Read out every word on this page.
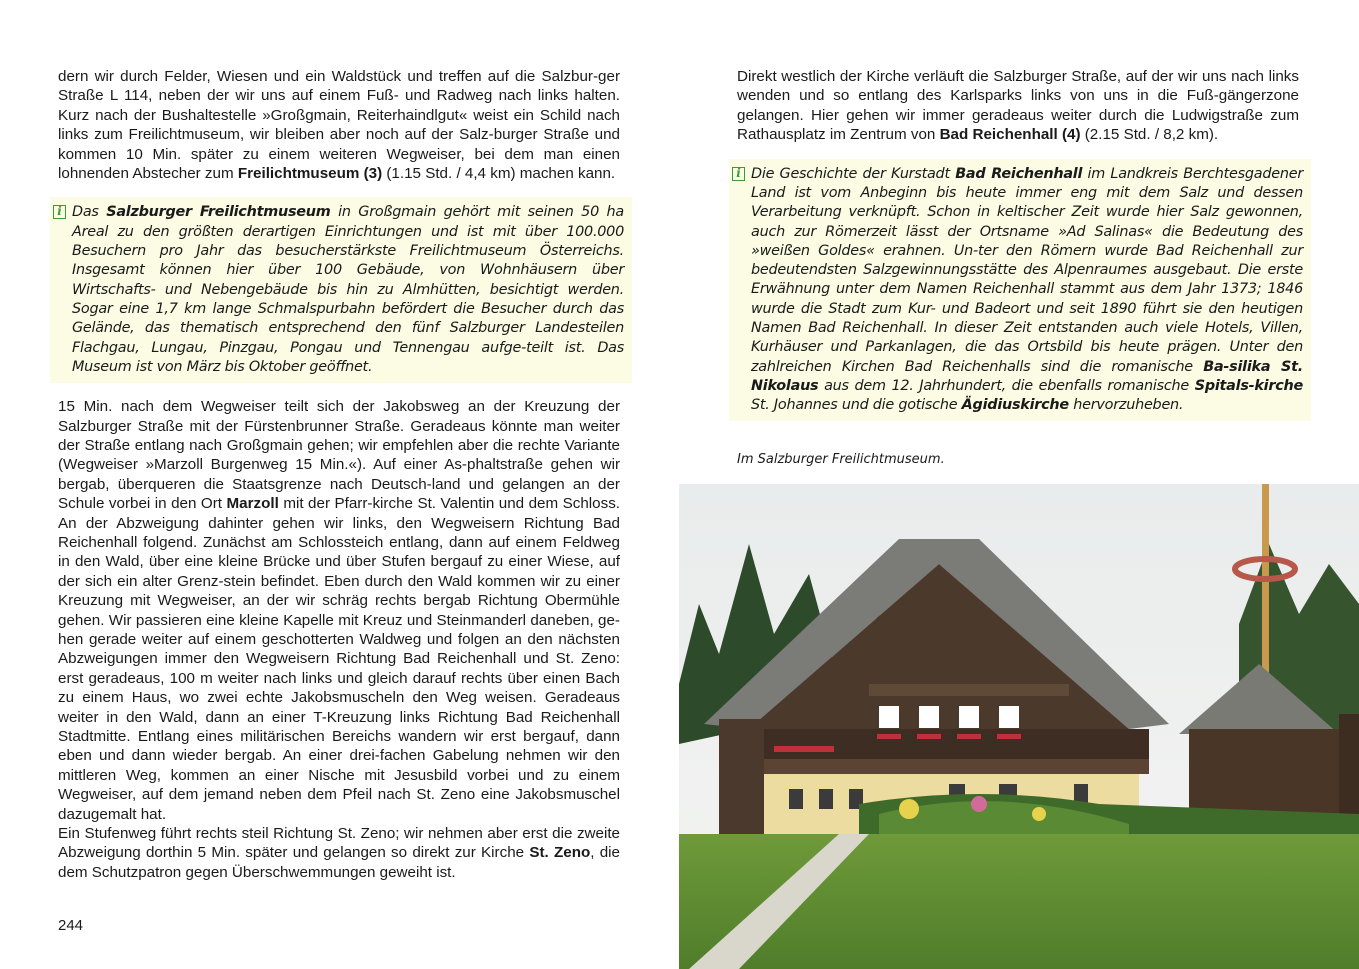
dern wir durch Felder, Wiesen und ein Waldstück und treffen auf die Salzbur-ger Straße L 114, neben der wir uns auf einem Fuß- und Radweg nach links halten. Kurz nach der Bushaltestelle »Großgmain, Reiterhaindlgut« weist ein Schild nach links zum Freilichtmuseum, wir bleiben aber noch auf der Salz-burger Straße und kommen 10 Min. später zu einem weiteren Wegweiser, bei dem man einen lohnenden Abstecher zum Freilichtmuseum (3) (1.15 Std. / 4,4 km) machen kann.

i Das Salzburger Freilichtmuseum in Großgmain gehört mit seinen 50 ha Areal zu den größten derartigen Einrichtungen und ist mit über 100.000 Besuchern pro Jahr das besucherstärkste Freilichtmuseum Österreichs. Insgesamt können hier über 100 Gebäude, von Wohnhäusern über Wirtschafts- und Nebengebäude bis hin zu Almhütten, besichtigt werden. Sogar eine 1,7 km lange Schmalspurbahn befördert die Besucher durch das Gelände, das thematisch entsprechend den fünf Salzburger Landesteilen Flachgau, Lungau, Pinzgau, Pongau und Tennengau aufge-teilt ist. Das Museum ist von März bis Oktober geöffnet.

15 Min. nach dem Wegweiser teilt sich der Jakobsweg an der Kreuzung der Salzburger Straße mit der Fürstenbrunner Straße. Geradeaus könnte man weiter der Straße entlang nach Großgmain gehen; wir empfehlen aber die rechte Variante (Wegweiser »Marzoll Burgenweg 15 Min.«). Auf einer As-phaltstraße gehen wir bergab, überqueren die Staatsgrenze nach Deutsch-land und gelangen an der Schule vorbei in den Ort Marzoll mit der Pfarr-kirche St. Valentin und dem Schloss. An der Abzweigung dahinter gehen wir links, den Wegweisern Richtung Bad Reichenhall folgend. Zunächst am Schlossteich entlang, dann auf einem Feldweg in den Wald, über eine kleine Brücke und über Stufen bergauf zu einer Wiese, auf der sich ein alter Grenz-stein befindet. Eben durch den Wald kommen wir zu einer Kreuzung mit Wegweiser, an der wir schräg rechts bergab Richtung Obermühle gehen. Wir passieren eine kleine Kapelle mit Kreuz und Steinmanderl daneben, ge-hen gerade weiter auf einem geschotterten Waldweg und folgen an den nächsten Abzweigungen immer den Wegweisern Richtung Bad Reichenhall und St. Zeno: erst geradeaus, 100 m weiter nach links und gleich darauf rechts über einen Bach zu einem Haus, wo zwei echte Jakobsmuscheln den Weg weisen. Geradeaus weiter in den Wald, dann an einer T-Kreuzung links Richtung Bad Reichenhall Stadtmitte. Entlang eines militärischen Bereichs wandern wir erst bergauf, dann eben und dann wieder bergab. An einer drei-fachen Gabelung nehmen wir den mittleren Weg, kommen an einer Nische mit Jesusbild vorbei und zu einem Wegweiser, auf dem jemand neben dem Pfeil nach St. Zeno eine Jakobsmuschel dazugemalt hat.

Ein Stufenweg führt rechts steil Richtung St. Zeno; wir nehmen aber erst die zweite Abzweigung dorthin 5 Min. später und gelangen so direkt zur Kirche St. Zeno, die dem Schutzpatron gegen Überschwemmungen geweiht ist.

Direkt westlich der Kirche verläuft die Salzburger Straße, auf der wir uns nach links wenden und so entlang des Karlsparks links von uns in die Fuß-gängerzone gelangen. Hier gehen wir immer geradeaus weiter durch die Ludwigstraße zum Rathausplatz im Zentrum von Bad Reichenhall (4) (2.15 Std. / 8,2 km).

i Die Geschichte der Kurstadt Bad Reichenhall im Landkreis Berchtesgadener Land ist vom Anbeginn bis heute immer eng mit dem Salz und dessen Verarbeitung verknüpft. Schon in keltischer Zeit wurde hier Salz gewonnen, auch zur Römerzeit lässt der Ortsname »Ad Salinas« die Bedeutung des »weißen Goldes« erahnen. Un-ter den Römern wurde Bad Reichenhall zur bedeutendsten Salzgewinnungsstätte des Alpenraumes ausgebaut. Die erste Erwähnung unter dem Namen Reichenhall stammt aus dem Jahr 1373; 1846 wurde die Stadt zum Kur- und Badeort und seit 1890 führt sie den heutigen Namen Bad Reichenhall. In dieser Zeit entstanden auch viele Hotels, Villen, Kurhäuser und Parkanlagen, die das Ortsbild bis heute prägen. Unter den zahlreichen Kirchen Bad Reichenhalls sind die romanische Ba-silika St. Nikolaus aus dem 12. Jahrhundert, die ebenfalls romanische Spitals-kirche St. Johannes und die gotische Ägidiuskirche hervorzuheben.

Im Salzburger Freilichtmuseum.
244
